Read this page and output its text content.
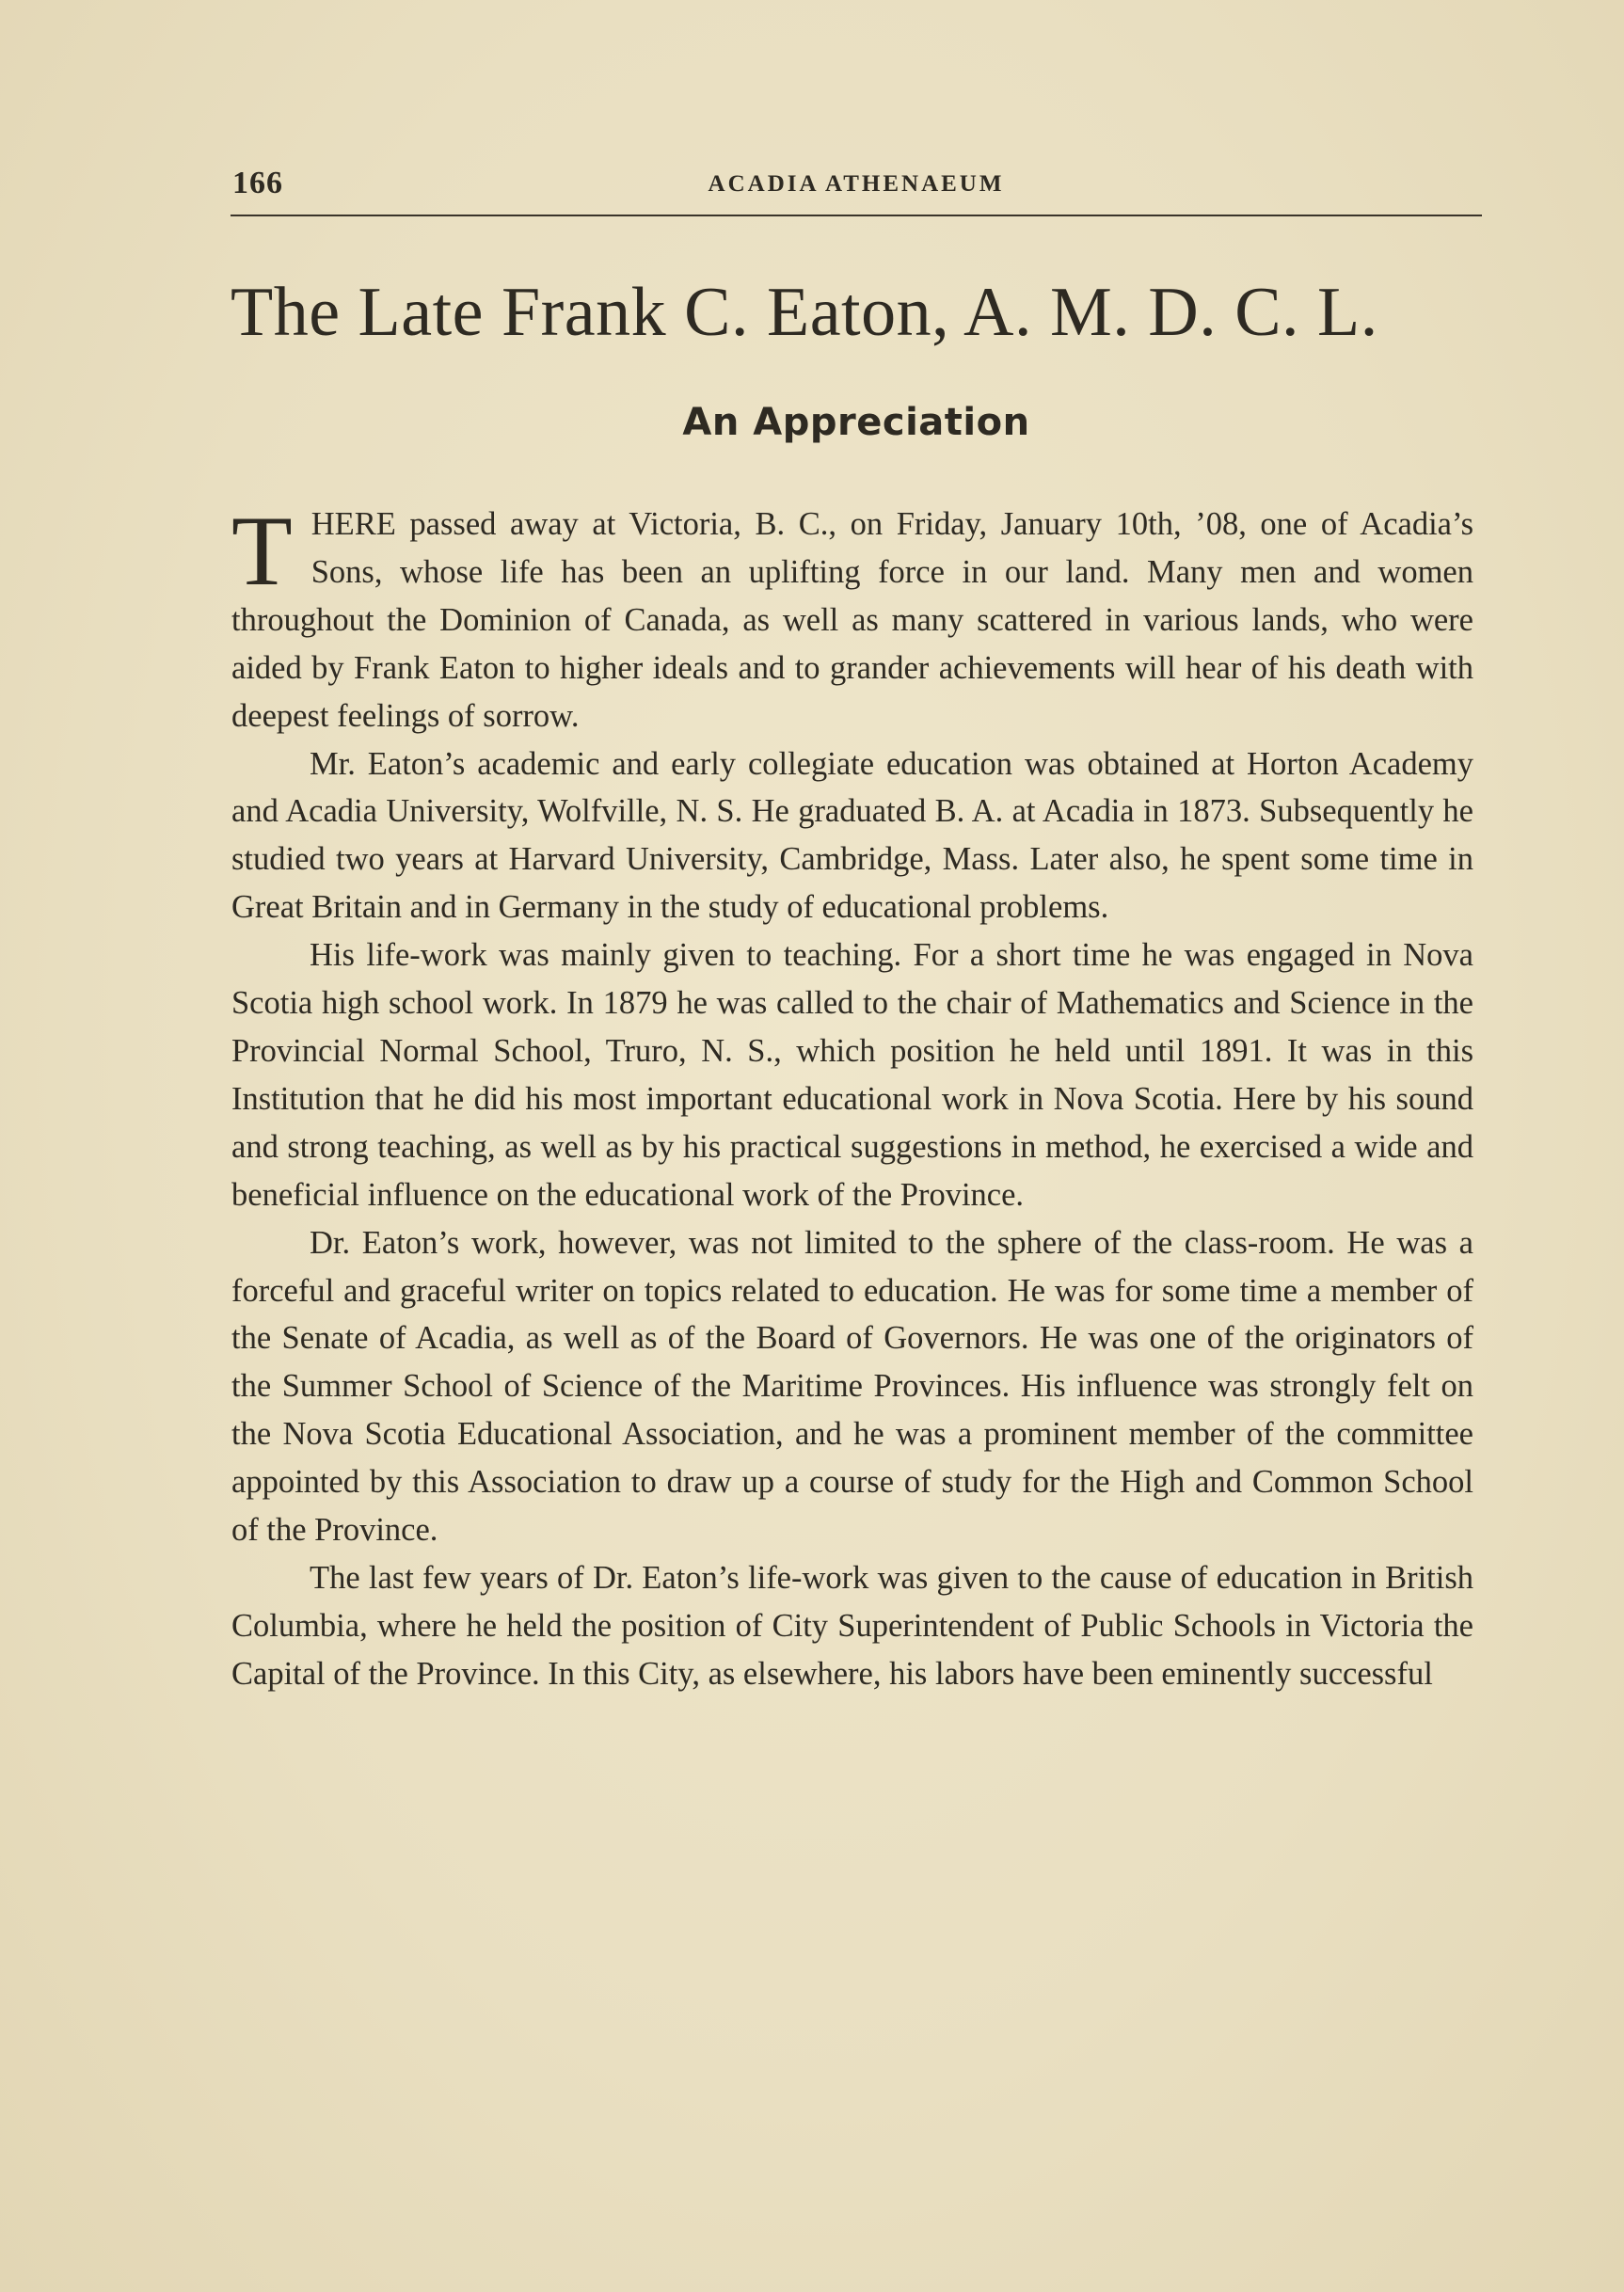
166	ACADIA ATHENAEUM
The Late Frank C. Eaton, A. M. D. C. L.
An Appreciation

THERE passed away at Victoria, B. C., on Friday, January 10th, ’08, one of Acadia’s Sons, whose life has been an uplifting force in our land. Many men and women throughout the Dominion of Canada, as well as many scattered in various lands, who were aided by Frank Eaton to higher ideals and to grander achievements will hear of his death with deepest feelings of sorrow.

Mr. Eaton’s academic and early collegiate education was obtained at Horton Academy and Acadia University, Wolfville, N. S. He graduated B. A. at Acadia in 1873. Subsequently he studied two years at Harvard University, Cambridge, Mass. Later also, he spent some time in Great Britain and in Germany in the study of educational problems.

His life-work was mainly given to teaching. For a short time he was engaged in Nova Scotia high school work. In 1879 he was called to the chair of Mathematics and Science in the Provincial Normal School, Truro, N. S., which position he held until 1891. It was in this Institution that he did his most important educational work in Nova Scotia. Here by his sound and strong teaching, as well as by his practical suggestions in method, he exercised a wide and beneficial influence on the educational work of the Province.

Dr. Eaton’s work, however, was not limited to the sphere of the class-room. He was a forceful and graceful writer on topics related to education. He was for some time a member of the Senate of Acadia, as well as of the Board of Governors. He was one of the originators of the Summer School of Science of the Maritime Provinces. His influence was strongly felt on the Nova Scotia Educational Association, and he was a prominent member of the committee appointed by this Association to draw up a course of study for the High and Common School of the Province.

The last few years of Dr. Eaton’s life-work was given to the cause of education in British Columbia, where he held the position of City Superintendent of Public Schools in Victoria the Capital of the Province. In this City, as elsewhere, his labors have been eminently successful
